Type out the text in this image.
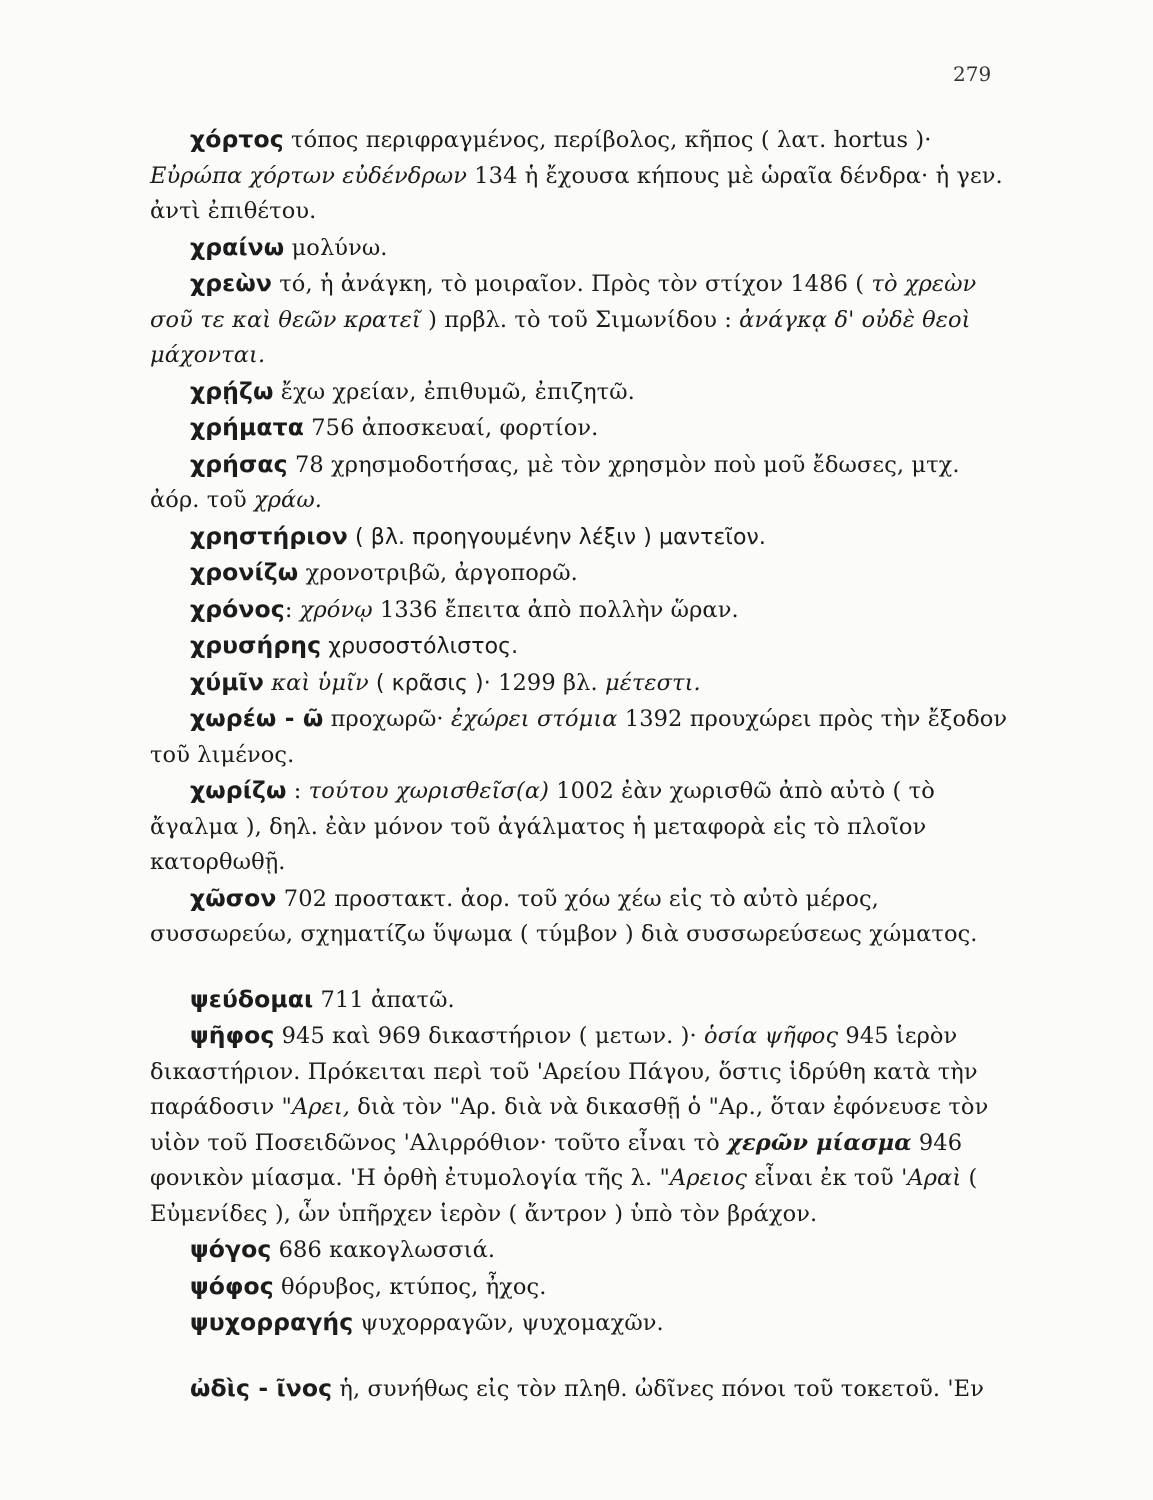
279

χόρτος τόπος περιφραγμένος, περίβολος, κῆπος ( λατ. hortus )· Εὐρώπα χόρτων εὐδένδρων 134 ἡ ἔχουσα κήπους μὲ ὡραῖα δένδρα· ἡ γεν. ἀντὶ ἐπιθέτου.

χραίνω μολύνω.

χρεὼν τό, ἡ ἀνάγκη, τὸ μοιραῖον. Πρὸς τὸν στίχον 1486 ( τὸ χρεὼν σοῦ τε καὶ θεῶν κρατεῖ ) πρβλ. τὸ τοῦ Σιμωνίδου : ἀνάγκᾳ δ' οὐδὲ θεοὶ μάχονται.

χρῄζω ἔχω χρείαν, ἐπιθυμῶ, ἐπιζητῶ.

χρήματα 756 ἀποσκευαί, φορτίον.

χρήσας 78 χρησμοδοτήσας, μὲ τὸν χρησμὸν ποὺ μοῦ ἔδωσες, μτχ. ἀόρ. τοῦ χράω.

χρηστήριον ( βλ. προηγουμένην λέξιν ) μαντεῖον.

χρονίζω χρονοτριβῶ, ἀργοπορῶ.

χρόνος: χρόνῳ 1336 ἔπειτα ἀπὸ πολλὴν ὥραν.

χρυσήρης χρυσοστόλιστος.

χύμῖν καὶ ὑμῖν ( κρᾶσις )· 1299 βλ. μέτεστι.

χωρέω - ῶ προχωρῶ· ἐχώρει στόμια 1392 προυχώρει πρὸς τὴν ἔξοδον τοῦ λιμένος.

χωρίζω : τούτου χωρισθεῖσ(α) 1002 ἐὰν χωρισθῶ ἀπὸ αὐτὸ ( τὸ ἄγαλμα ), δηλ. ἐὰν μόνον τοῦ ἀγάλματος ἡ μεταφορὰ εἰς τὸ πλοῖον κατορθωθῇ.

χῶσον 702 προστακτ. ἀορ. τοῦ χόω χέω εἰς τὸ αὐτὸ μέρος, συσσωρεύω, σχηματίζω ὕψωμα ( τύμβον ) διὰ συσσωρεύσεως χώματος.

ψεύδομαι 711 ἀπατῶ.

ψῆφος 945 καὶ 969 δικαστήριον ( μετων. )· ὁσία ψῆφος 945 ἱερὸν δικαστήριον. Πρόκειται περὶ τοῦ 'Αρείου Πάγου, ὅστις ἱδρύθη κατὰ τὴν παράδοσιν "Αρει, διὰ τὸν "Αρ. διὰ νὰ δικασθῇ ὁ "Αρ., ὅταν ἐφόνευσε τὸν υἱὸν τοῦ Ποσειδῶνος 'Αλιρρόθιον· τοῦτο εἶναι τὸ χερῶν μίασμα 946 φονικὸν μίασμα. 'Η ὀρθὴ ἐτυμολογία τῆς λ. "Αρειος εἶναι ἐκ τοῦ 'Αραὶ ( Εὐμενίδες ), ὧν ὑπῆρχεν ἱερὸν ( ἄντρον ) ὑπὸ τὸν βράχον.

ψόγος 686 κακογλωσσιά.

ψόφος θόρυβος, κτύπος, ἦχος.

ψυχορραγής ψυχορραγῶν, ψυχομαχῶν.

ὠδὶς - ῖνος ἡ, συνήθως εἰς τὸν πληθ. ὠδῖνες πόνοι τοῦ τοκετοῦ. 'Εν
